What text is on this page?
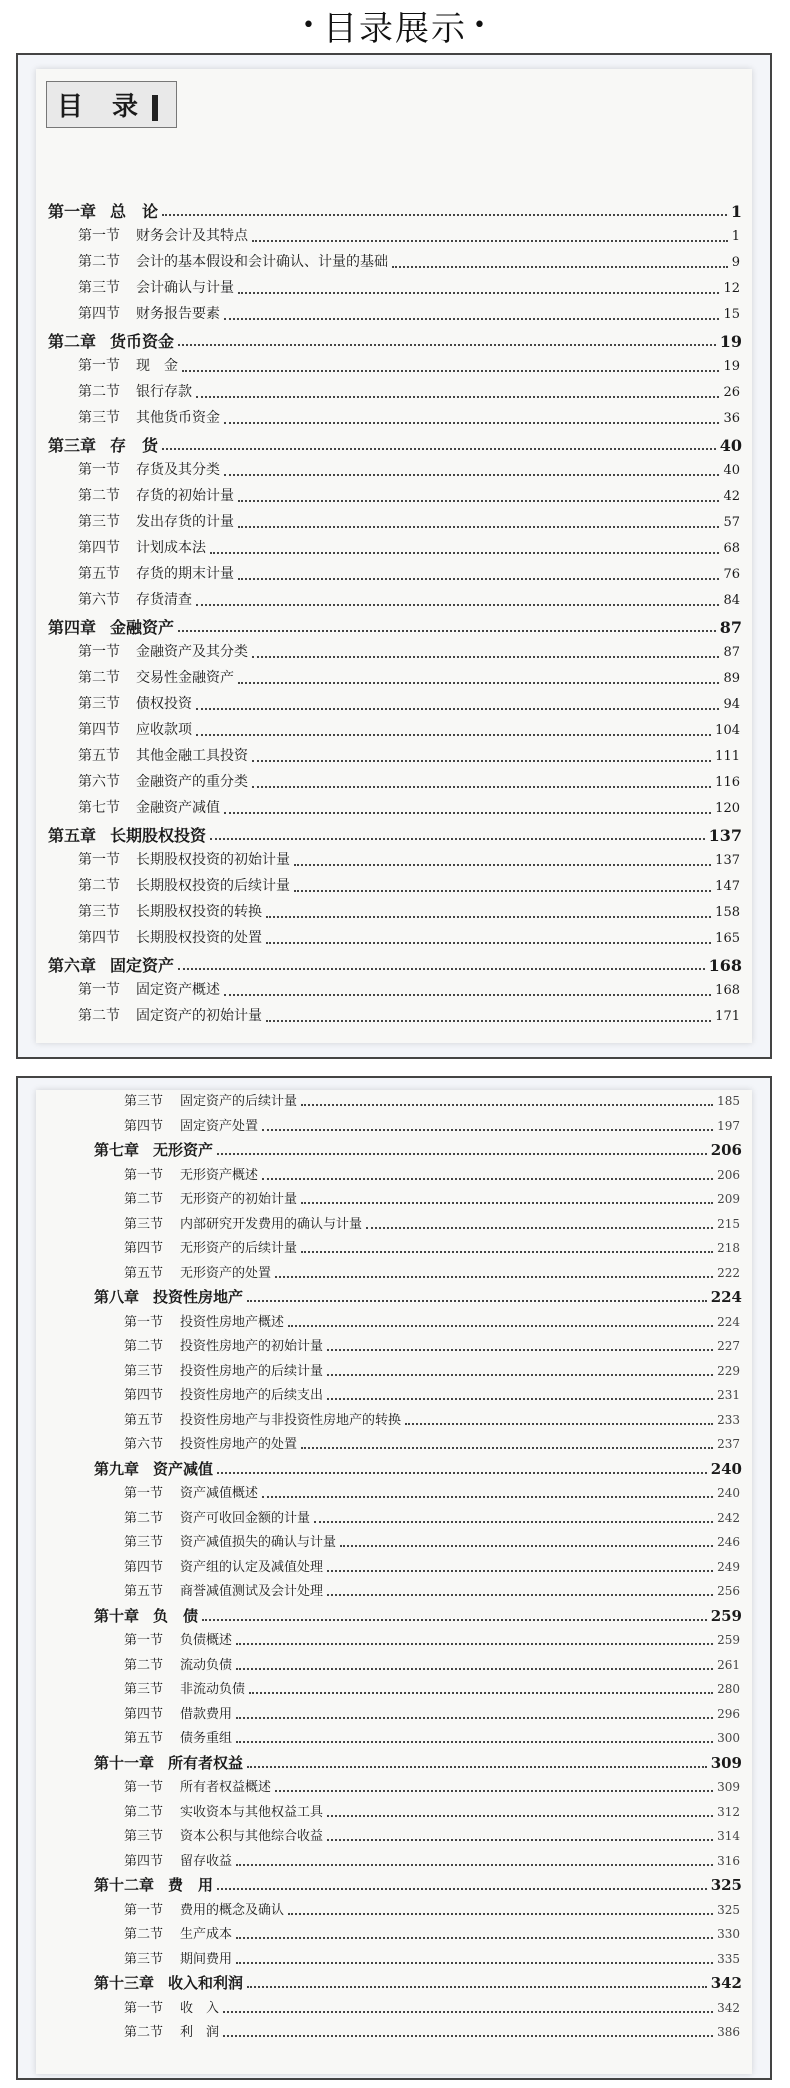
• 目录展示 •
目 录
第一章 总　论	1
第一节 财务会计及其特点	1
第二节 会计的基本假设和会计确认、计量的基础	9
第三节 会计确认与计量	12
第四节 财务报告要素	15
第二章 货币资金	19
第一节 现　金	19
第二节 银行存款	26
第三节 其他货币资金	36
第三章 存　货	40
第一节 存货及其分类	40
第二节 存货的初始计量	42
第三节 发出存货的计量	57
第四节 计划成本法	68
第五节 存货的期末计量	76
第六节 存货清查	84
第四章 金融资产	87
第一节 金融资产及其分类	87
第二节 交易性金融资产	89
第三节 债权投资	94
第四节 应收款项	104
第五节 其他金融工具投资	111
第六节 金融资产的重分类	116
第七节 金融资产减值	120
第五章 长期股权投资	137
第一节 长期股权投资的初始计量	137
第二节 长期股权投资的后续计量	147
第三节 长期股权投资的转换	158
第四节 长期股权投资的处置	165
第六章 固定资产	168
第一节 固定资产概述	168
第二节 固定资产的初始计量	171
第三节 固定资产的后续计量	185
第四节 固定资产处置	197
第七章 无形资产	206
第一节 无形资产概述	206
第二节 无形资产的初始计量	209
第三节 内部研究开发费用的确认与计量	215
第四节 无形资产的后续计量	218
第五节 无形资产的处置	222
第八章 投资性房地产	224
第一节 投资性房地产概述	224
第二节 投资性房地产的初始计量	227
第三节 投资性房地产的后续计量	229
第四节 投资性房地产的后续支出	231
第五节 投资性房地产与非投资性房地产的转换	233
第六节 投资性房地产的处置	237
第九章 资产减值	240
第一节 资产减值概述	240
第二节 资产可收回金额的计量	242
第三节 资产减值损失的确认与计量	246
第四节 资产组的认定及减值处理	249
第五节 商誉减值测试及会计处理	256
第十章 负　债	259
第一节 负债概述	259
第二节 流动负债	261
第三节 非流动负债	280
第四节 借款费用	296
第五节 债务重组	300
第十一章 所有者权益	309
第一节 所有者权益概述	309
第二节 实收资本与其他权益工具	312
第三节 资本公积与其他综合收益	314
第四节 留存收益	316
第十二章 费　用	325
第一节 费用的概念及确认	325
第二节 生产成本	330
第三节 期间费用	335
第十三章 收入和利润	342
第一节 收　入	342
第二节 利　润	386
